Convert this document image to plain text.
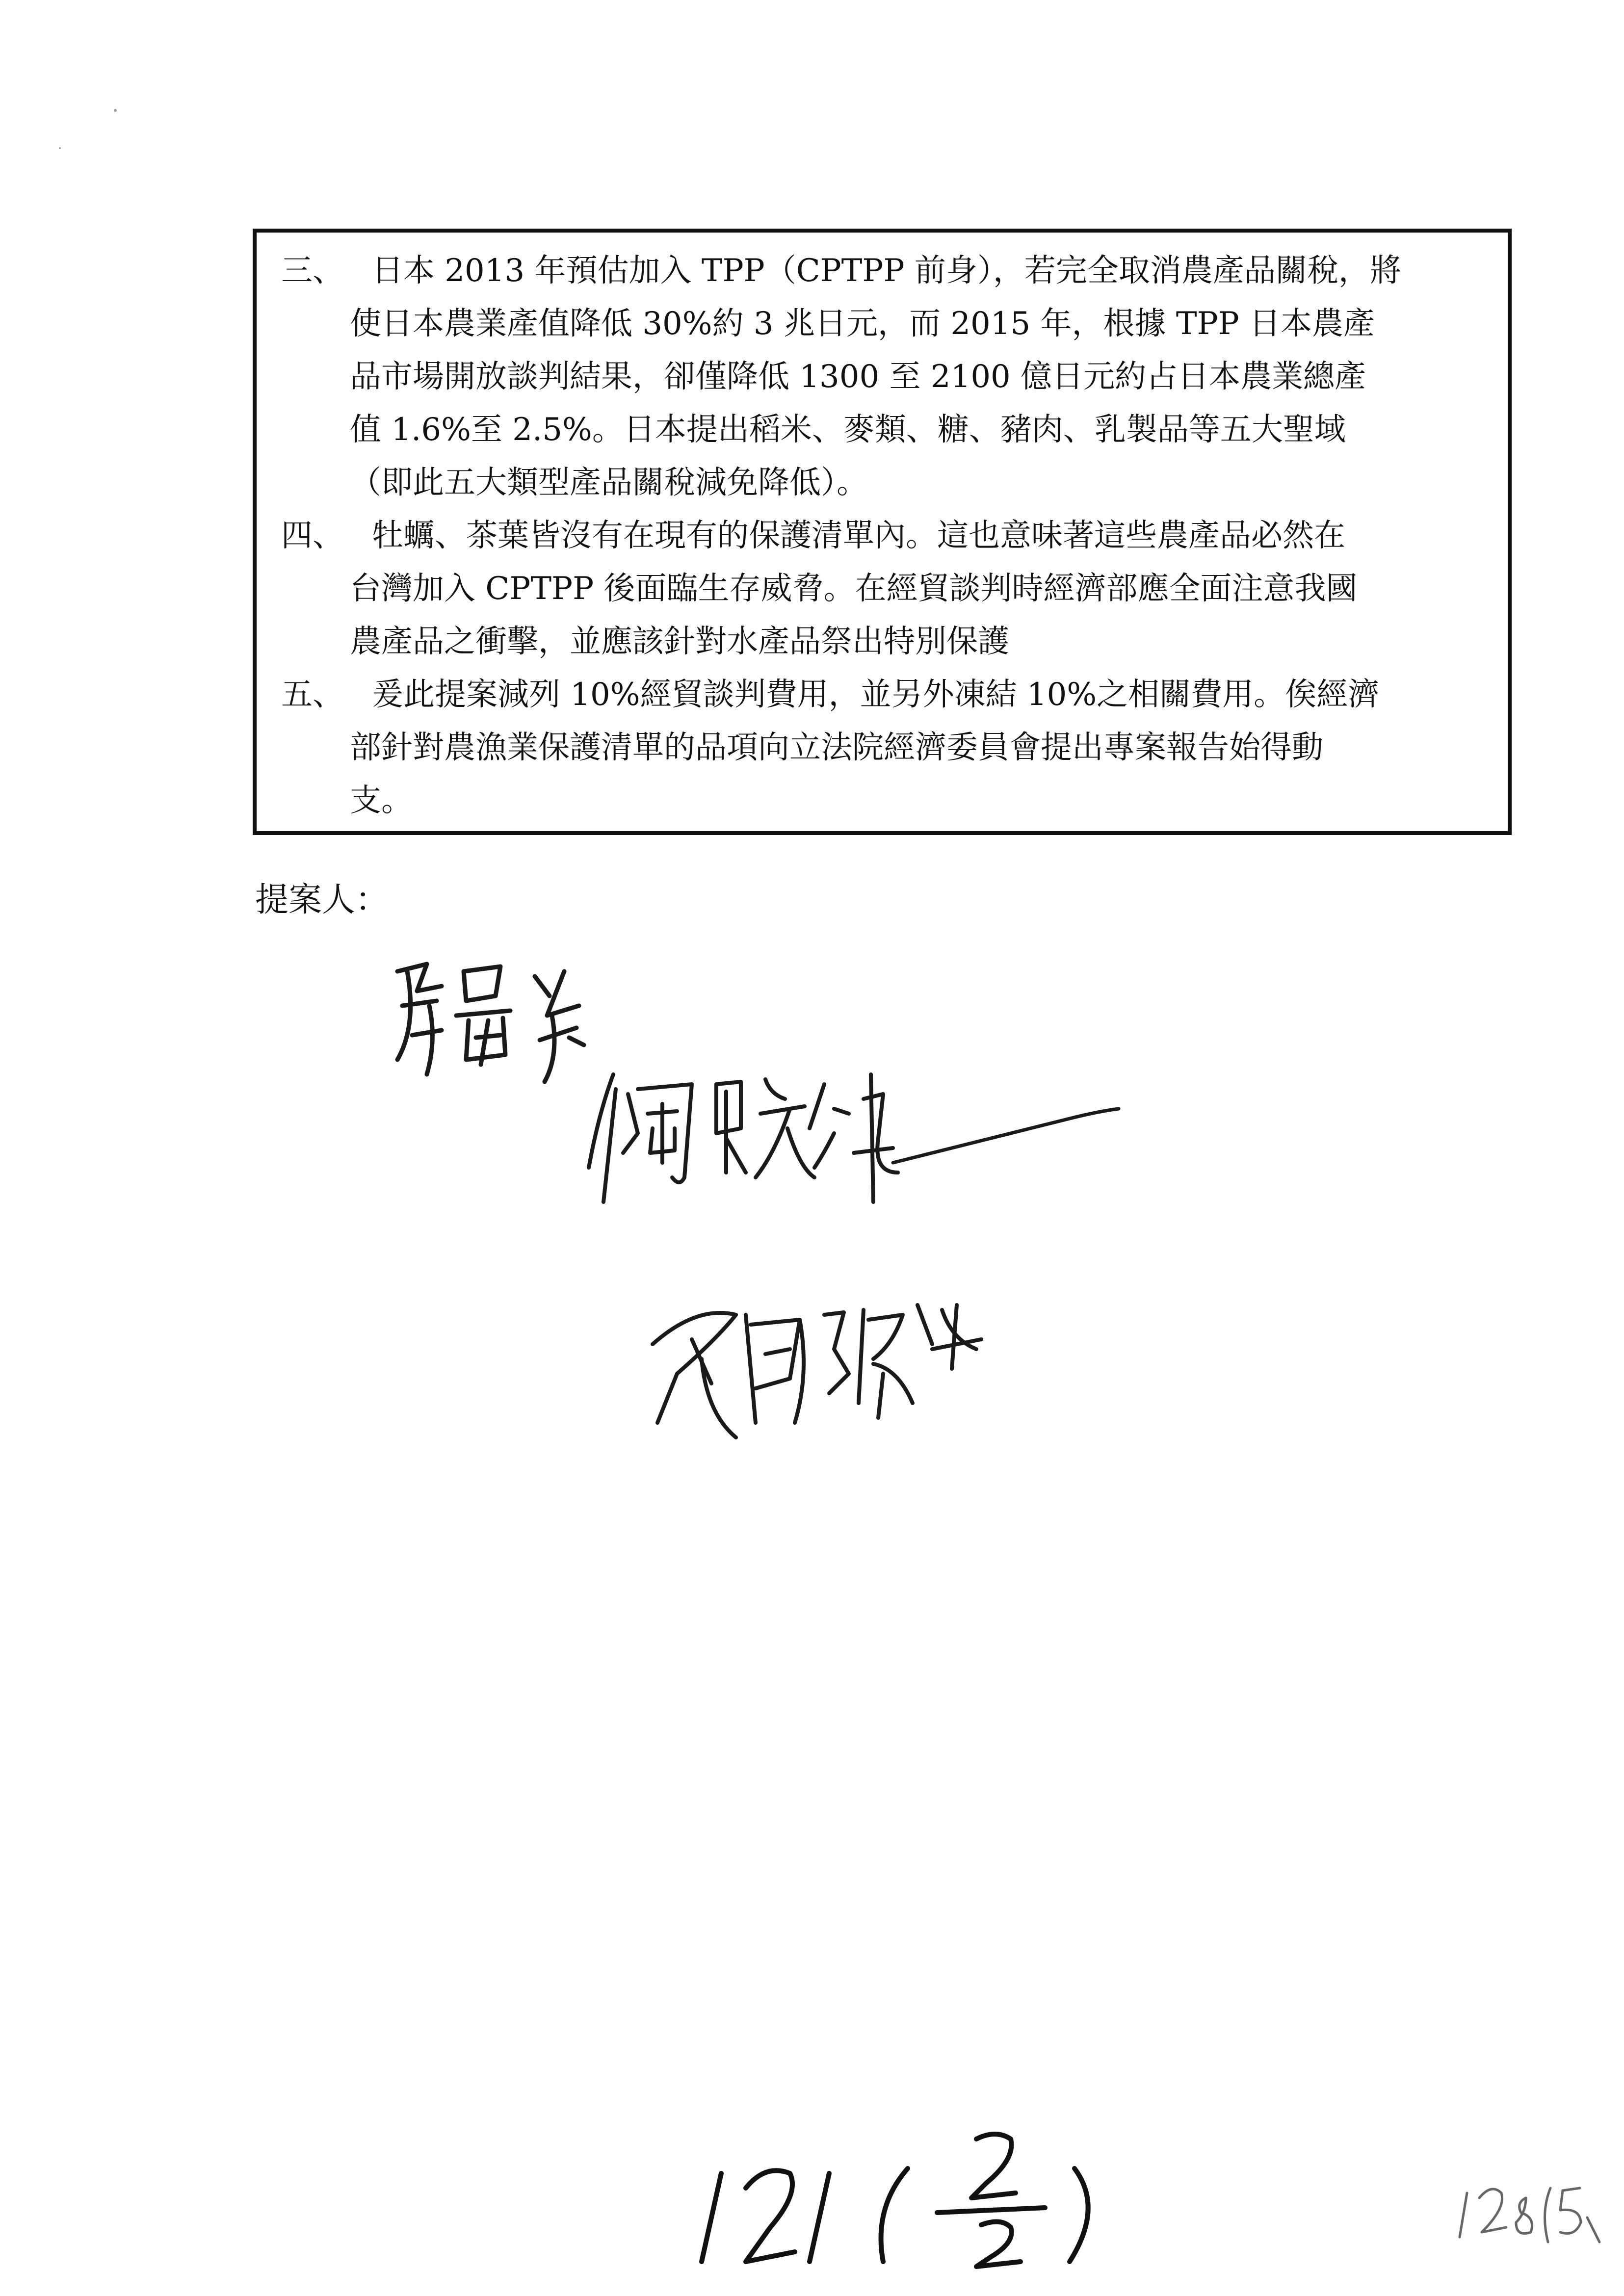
三、 日本 2013 年預估加入 TPP（CPTPP 前身），若完全取消農產品關稅，將
使日本農業產值降低 30%約 3 兆日元，而 2015 年，根據 TPP 日本農產
品市場開放談判結果，卻僅降低 1300 至 2100 億日元約占日本農業總產
值 1.6%至 2.5%。日本提出稻米、麥類、糖、豬肉、乳製品等五大聖域
（即此五大類型產品關稅減免降低）。
四、 牡蠣、茶葉皆沒有在現有的保護清單內。這也意味著這些農產品必然在
台灣加入 CPTPP 後面臨生存威脅。在經貿談判時經濟部應全面注意我國
農產品之衝擊，並應該針對水產品祭出特別保護
五、 爰此提案減列 10%經貿談判費用，並另外凍結 10%之相關費用。俟經濟
部針對農漁業保護清單的品項向立法院經濟委員會提出專案報告始得動
支。
提案人：
